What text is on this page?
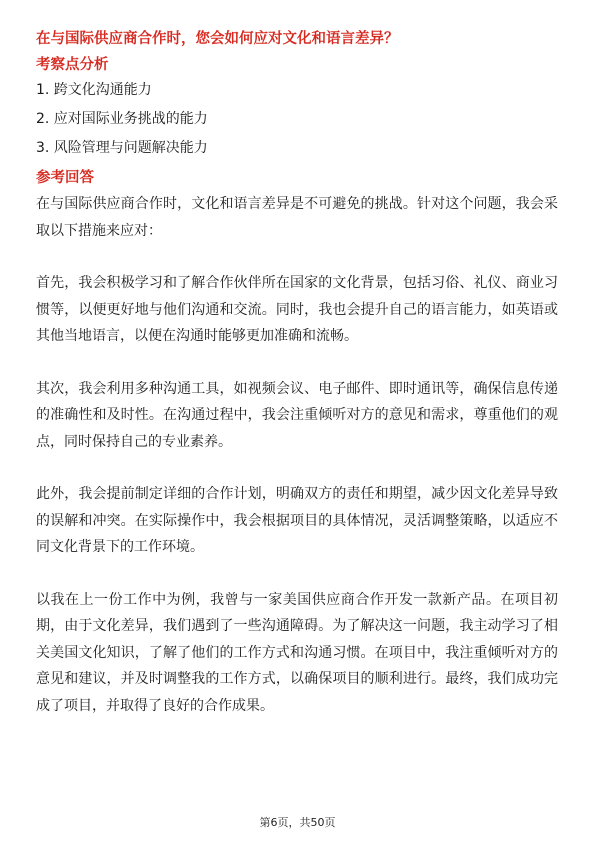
在与国际供应商合作时，您会如何应对文化和语言差异？
考察点分析
1. 跨文化沟通能力
2. 应对国际业务挑战的能力
3. 风险管理与问题解决能力
参考回答

在与国际供应商合作时，文化和语言差异是不可避免的挑战。针对这个问题，我会采取以下措施来应对：

首先，我会积极学习和了解合作伙伴所在国家的文化背景，包括习俗、礼仪、商业习惯等，以便更好地与他们沟通和交流。同时，我也会提升自己的语言能力，如英语或其他当地语言，以便在沟通时能够更加准确和流畅。

其次，我会利用多种沟通工具，如视频会议、电子邮件、即时通讯等，确保信息传递的准确性和及时性。在沟通过程中，我会注重倾听对方的意见和需求，尊重他们的观点，同时保持自己的专业素养。

此外，我会提前制定详细的合作计划，明确双方的责任和期望，减少因文化差异导致的误解和冲突。在实际操作中，我会根据项目的具体情况，灵活调整策略，以适应不同文化背景下的工作环境。

以我在上一份工作中为例，我曾与一家美国供应商合作开发一款新产品。在项目初期，由于文化差异，我们遇到了一些沟通障碍。为了解决这一问题，我主动学习了相关美国文化知识，了解了他们的工作方式和沟通习惯。在项目中，我注重倾听对方的意见和建议，并及时调整我的工作方式，以确保项目的顺利进行。最终，我们成功完成了项目，并取得了良好的合作成果。

第6页，共50页
